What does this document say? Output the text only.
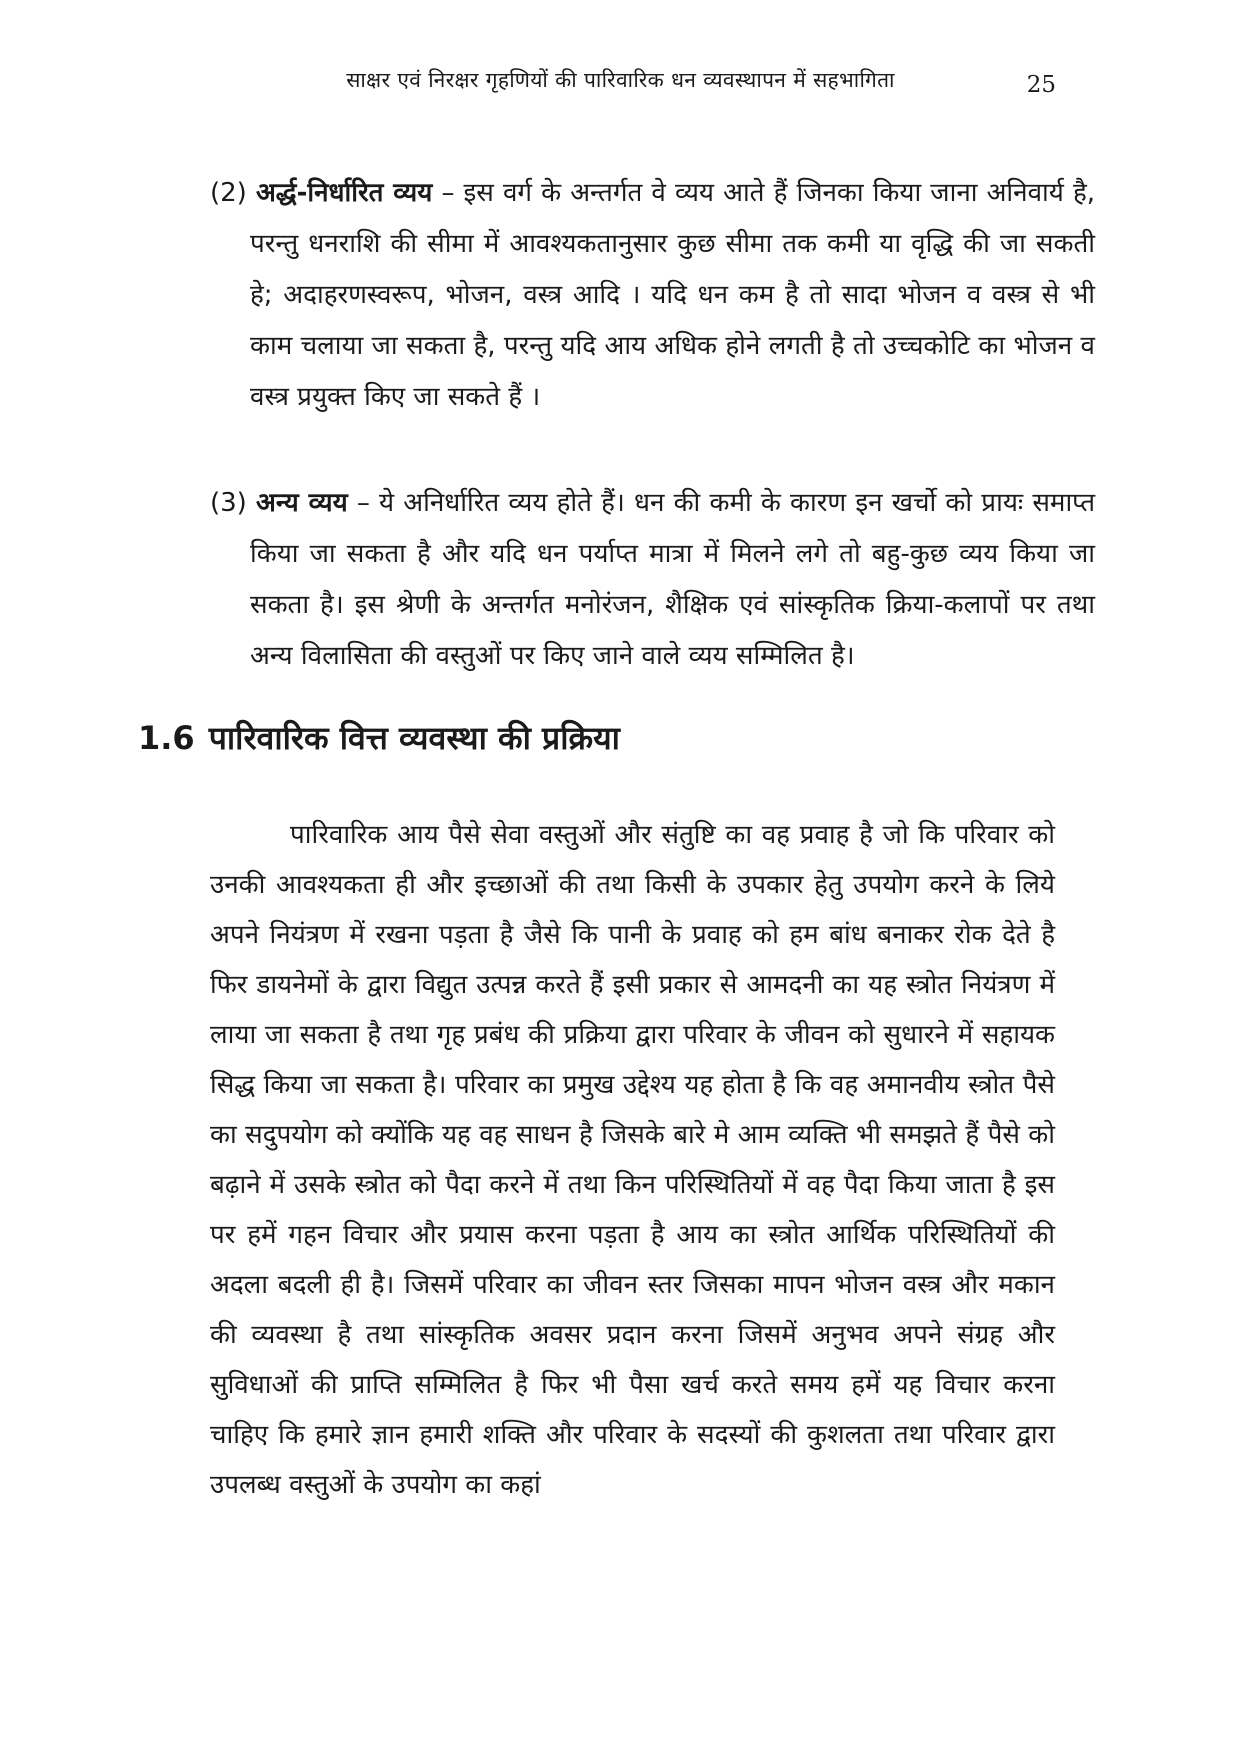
साक्षर एवं निरक्षर गृहणियों की पारिवारिक धन व्यवस्थापन में सहभागिता	25

(2) अर्द्ध-निर्धारित व्यय – इस वर्ग के अन्तर्गत वे व्यय आते हैं जिनका किया जाना अनिवार्य है, परन्तु धनराशि की सीमा में आवश्यकतानुसार कुछ सीमा तक कमी या वृद्धि की जा सकती हे; अदाहरणस्वरूप, भोजन, वस्त्र आदि । यदि धन कम है तो सादा भोजन व वस्त्र से भी काम चलाया जा सकता है, परन्तु यदि आय अधिक होने लगती है तो उच्चकोटि का भोजन व वस्त्र प्रयुक्त किए जा सकते हैं ।

(3) अन्य व्यय – ये अनिर्धारित व्यय होते हैं। धन की कमी के कारण इन खर्चो को प्रायः समाप्त किया जा सकता है और यदि धन पर्याप्त मात्रा में मिलने लगे तो बहु-कुछ व्यय किया जा सकता है। इस श्रेणी के अन्तर्गत मनोरंजन, शैक्षिक एवं सांस्कृतिक क्रिया-कलापों पर तथा अन्य विलासिता की वस्तुओं पर किए जाने वाले व्यय सम्मिलित है।

1.6 पारिवारिक वित्त व्यवस्था की प्रक्रिया

पारिवारिक आय पैसे सेवा वस्तुओं और संतुष्टि का वह प्रवाह है जो कि परिवार को उनकी आवश्यकता ही और इच्छाओं की तथा किसी के उपकार हेतु उपयोग करने के लिये अपने नियंत्रण में रखना पड़ता है जैसे कि पानी के प्रवाह को हम बांध बनाकर रोक देते है फिर डायनेमों के द्वारा विद्युत उत्पन्न करते हैं इसी प्रकार से आमदनी का यह स्त्रोत नियंत्रण में लाया जा सकता है तथा गृह प्रबंध की प्रक्रिया द्वारा परिवार के जीवन को सुधारने में सहायक सिद्ध किया जा सकता है। परिवार का प्रमुख उद्देश्य यह होता है कि वह अमानवीय स्त्रोत पैसे का सदुपयोग को क्योंकि यह वह साधन है जिसके बारे मे आम व्यक्ति भी समझते हैं पैसे को बढ़ाने में उसके स्त्रोत को पैदा करने में तथा किन परिस्थितियों में वह पैदा किया जाता है इस पर हमें गहन विचार और प्रयास करना पड़ता है आय का स्त्रोत आर्थिक परिस्थितियों की अदला बदली ही है। जिसमें परिवार का जीवन स्तर जिसका मापन भोजन वस्त्र और मकान की व्यवस्था है तथा सांस्कृतिक अवसर प्रदान करना जिसमें अनुभव अपने संग्रह और सुविधाओं की प्राप्ति सम्मिलित है फिर भी पैसा खर्च करते समय हमें यह विचार करना चाहिए कि हमारे ज्ञान हमारी शक्ति और परिवार के सदस्यों की कुशलता तथा परिवार द्वारा उपलब्ध वस्तुओं के उपयोग का कहां
